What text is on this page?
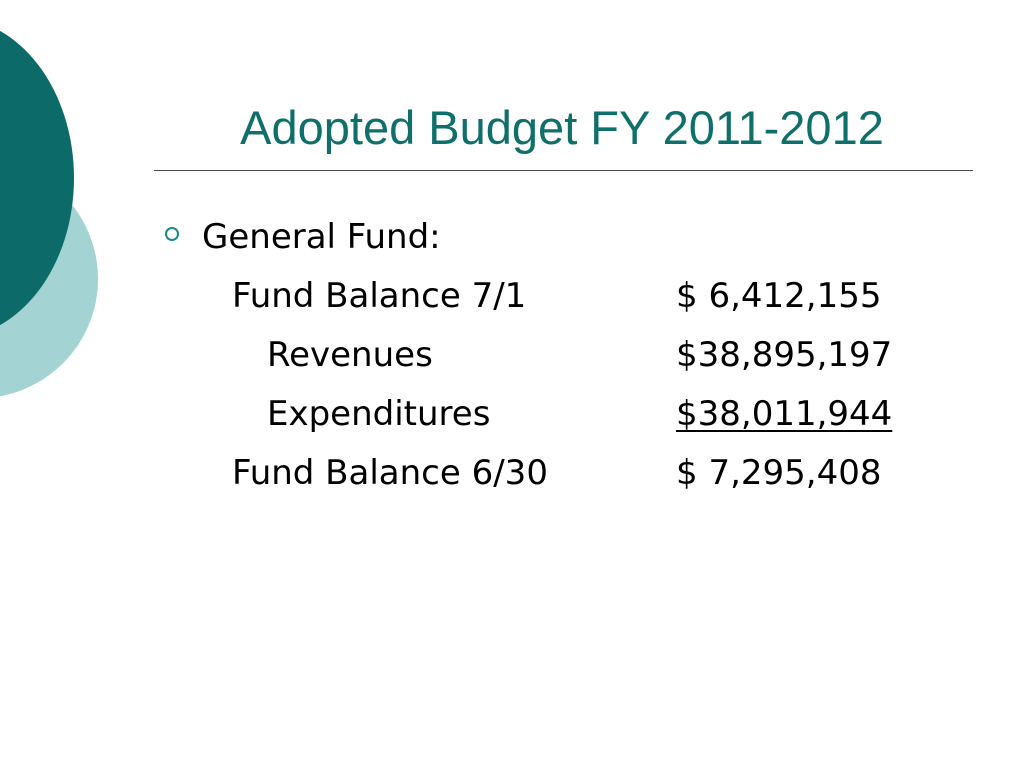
Adopted Budget FY 2011-2012
General Fund:
Fund Balance 7/1	$ 6,412,155
Revenues	$38,895,197
Expenditures	$38,011,944
Fund Balance 6/30	$ 7,295,408
